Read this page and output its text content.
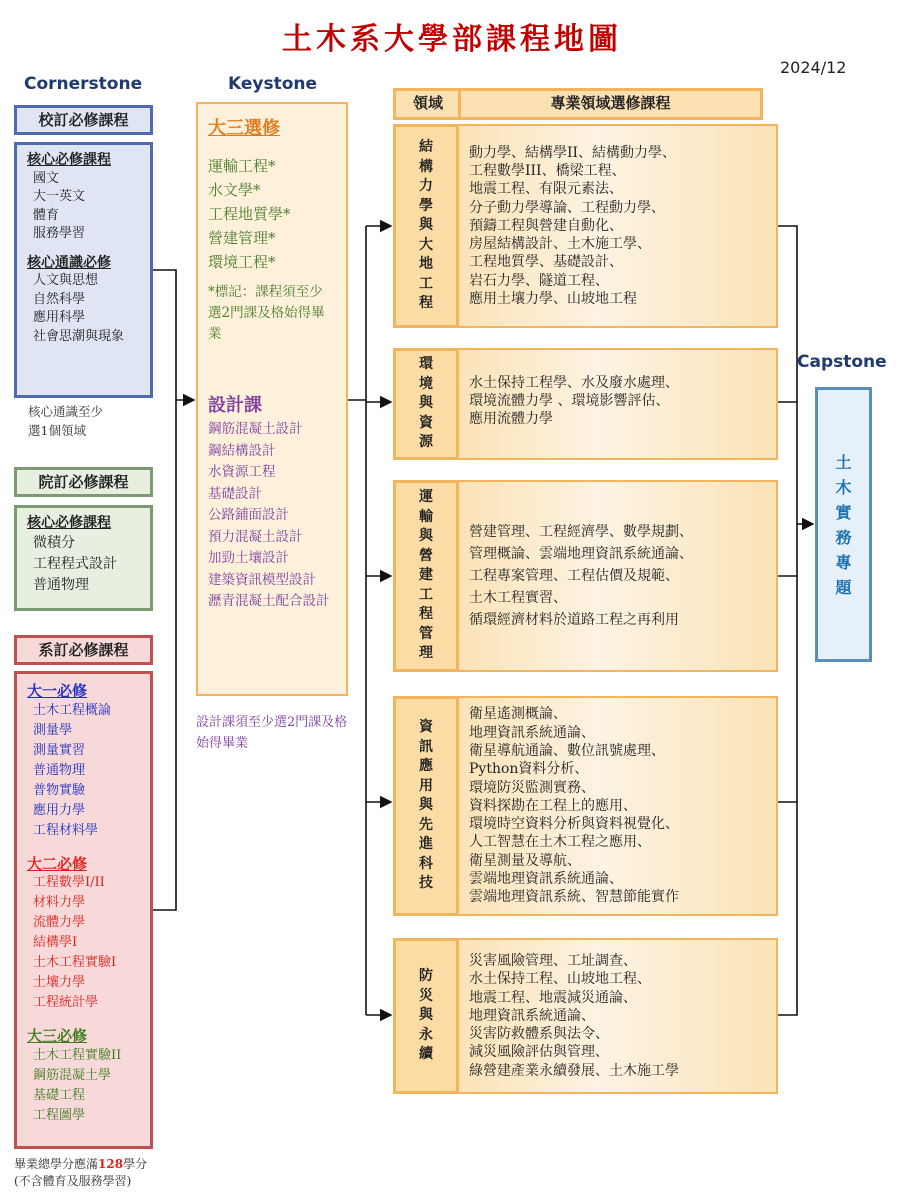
土木系大學部課程地圖
2024/12
Cornerstone
校訂必修課程
核心必修課程
國文
大一英文
體育
服務學習
核心通識必修
人文與思想
自然科學
應用科學
社會思潮與現象
核心通識至少
選1個領域
院訂必修課程
核心必修課程
微積分
工程程式設計
普通物理
系訂必修課程
大一必修
土木工程概論
測量學
測量實習
普通物理
普物實驗
應用力學
工程材料學
大二必修
工程數學I/II
材料力學
流體力學
結構學I
土木工程實驗I
土壤力學
工程統計學
大三必修
土木工程實驗II
鋼筋混凝土學
基礎工程
工程圖學
畢業總學分應滿128學分
(不含體育及服務學習)
Keystone
大三選修
運輸工程*
水文學*
工程地質學*
營建管理*
環境工程*
*標記：課程須至少選2門課及格始得畢業
設計課
鋼筋混凝土設計
鋼結構設計
水資源工程
基礎設計
公路鋪面設計
預力混凝土設計
加勁土壤設計
建築資訊模型設計
瀝青混凝土配合設計
設計課須至少選2門課及格始得畢業
領域	專業領域選修課程
結構力學與大地工程
動力學、結構學II、結構動力學、
工程數學III、橋梁工程、
地震工程、有限元素法、
分子動力學導論、工程動力學、
預鑄工程與營建自動化、
房屋結構設計、土木施工學、
工程地質學、基礎設計、
岩石力學、隧道工程、
應用土壤力學、山坡地工程
環境與資源
水土保持工程學、水及廢水處理、
環境流體力學 、環境影響評估、
應用流體力學
運輸與營建工程管理
營建管理、工程經濟學、數學規劃、
管理概論、雲端地理資訊系統通論、
工程專案管理、工程估價及規範、
土木工程實習、
循環經濟材料於道路工程之再利用
資訊應用與先進科技
衛星遙測概論、
地理資訊系統通論、
衛星導航通論、數位訊號處理、
Python資料分析、
環境防災監測實務、
資料探勘在工程上的應用、
環境時空資料分析與資料視覺化、
人工智慧在土木工程之應用、
衛星測量及導航、
雲端地理資訊系統通論、
雲端地理資訊系統、智慧節能實作
防災與永續
災害風險管理、工址調查、
水土保持工程、山坡地工程、
地震工程、地震減災通論、
地理資訊系統通論、
災害防救體系與法令、
減災風險評估與管理、
綠營建產業永續發展、土木施工學
Capstone
土木實務專題
